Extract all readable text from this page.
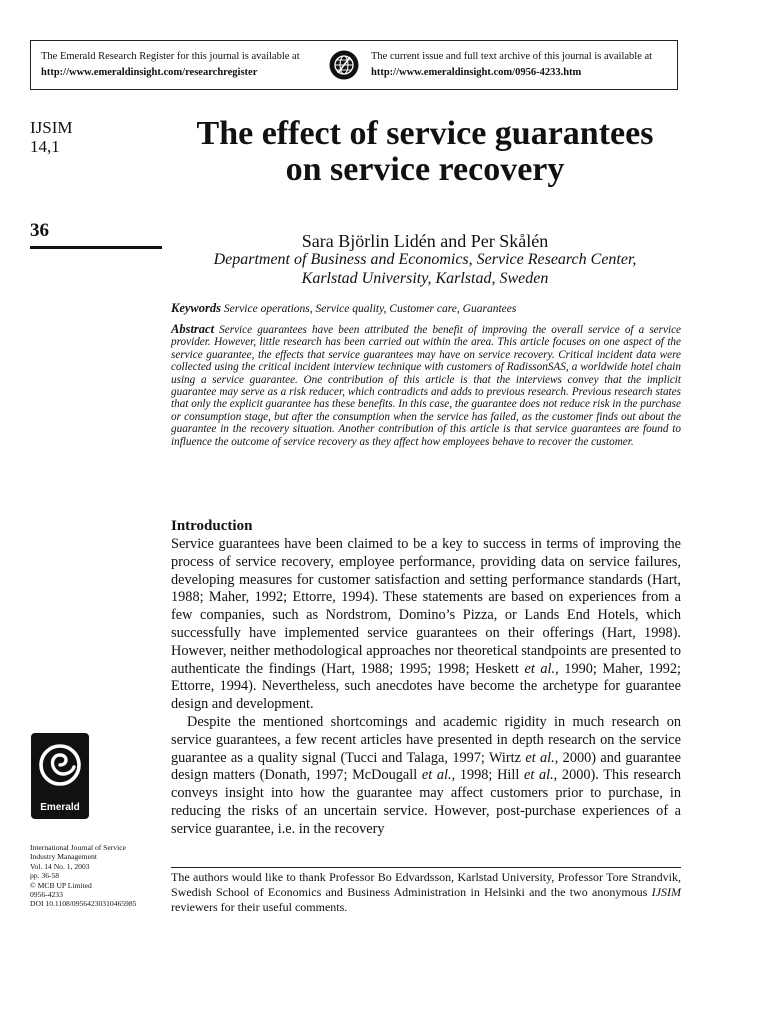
The Emerald Research Register for this journal is available at
http://www.emeraldinsight.com/researchregister
The current issue and full text archive of this journal is available at
http://www.emeraldinsight.com/0956-4233.htm
IJSIM
14,1
36
Emerald
International Journal of Service
Industry Management
Vol. 14 No. 1, 2003
pp. 36-58
© MCB UP Limited
0956-4233
DOI 10.1108/09564230310465985
The effect of service guarantees on service recovery
Sara Björlin Lidén and Per Skålén
Department of Business and Economics, Service Research Center,
Karlstad University, Karlstad, Sweden
Keywords Service operations, Service quality, Customer care, Guarantees
Abstract Service guarantees have been attributed the benefit of improving the overall service of a service provider. However, little research has been carried out within the area. This article focuses on one aspect of the service guarantee, the effects that service guarantees may have on service recovery. Critical incident data were collected using the critical incident interview technique with customers of RadissonSAS, a worldwide hotel chain using a service guarantee. One contribution of this article is that the interviews convey that the implicit guarantee may serve as a risk reducer, which contradicts and adds to previous research. Previous research states that only the explicit guarantee has these benefits. In this case, the guarantee does not reduce risk in the purchase or consumption stage, but after the consumption when the service has failed, as the customer finds out about the guarantee in the recovery situation. Another contribution of this article is that service guarantees are found to influence the outcome of service recovery as they affect how employees behave to recover the customer.
Introduction

Service guarantees have been claimed to be a key to success in terms of improving the process of service recovery, employee performance, providing data on service failures, developing measures for customer satisfaction and setting performance standards (Hart, 1988; Maher, 1992; Ettorre, 1994). These statements are based on experiences from a few companies, such as Nordstrom, Domino’s Pizza, or Lands End Hotels, which successfully have implemented service guarantees on their offerings (Hart, 1998). However, neither methodological approaches nor theoretical standpoints are presented to authenticate the findings (Hart, 1988; 1995; 1998; Heskett et al., 1990; Maher, 1992; Ettorre, 1994). Nevertheless, such anecdotes have become the archetype for guarantee design and development.

Despite the mentioned shortcomings and academic rigidity in much research on service guarantees, a few recent articles have presented in depth research on the service guarantee as a quality signal (Tucci and Talaga, 1997; Wirtz et al., 2000) and guarantee design matters (Donath, 1997; McDougall et al., 1998; Hill et al., 2000). This research conveys insight into how the guarantee may affect customers prior to purchase, in reducing the risks of an uncertain service. However, post-purchase experiences of a service guarantee, i.e. in the recovery

The authors would like to thank Professor Bo Edvardsson, Karlstad University, Professor Tore Strandvik, Swedish School of Economics and Business Administration in Helsinki and the two anonymous IJSIM reviewers for their useful comments.
